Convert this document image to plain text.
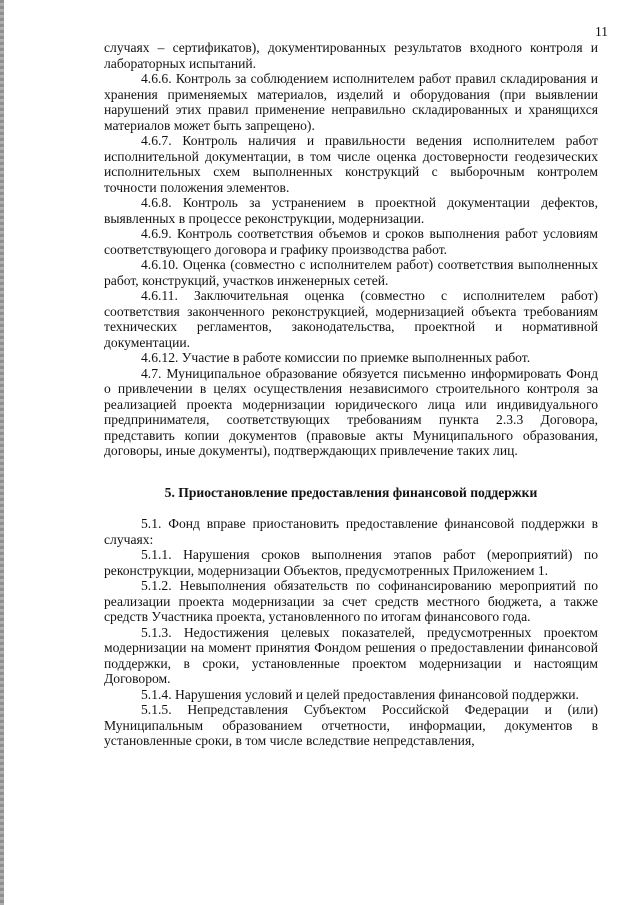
11

случаях – сертификатов), документированных результатов входного контроля и лабораторных испытаний.

4.6.6. Контроль за соблюдением исполнителем работ правил складирования и хранения применяемых материалов, изделий и оборудования (при выявлении нарушений этих правил применение неправильно складированных и хранящихся материалов может быть запрещено).

4.6.7. Контроль наличия и правильности ведения исполнителем работ исполнительной документации, в том числе оценка достоверности геодезических исполнительных схем выполненных конструкций с выборочным контролем точности положения элементов.

4.6.8. Контроль за устранением в проектной документации дефектов, выявленных в процессе реконструкции, модернизации.

4.6.9. Контроль соответствия объемов и сроков выполнения работ условиям соответствующего договора и графику производства работ.

4.6.10. Оценка (совместно с исполнителем работ) соответствия выполненных работ, конструкций, участков инженерных сетей.

4.6.11. Заключительная оценка (совместно с исполнителем работ) соответствия законченного реконструкцией, модернизацией объекта требованиям технических регламентов, законодательства, проектной и нормативной документации.

4.6.12. Участие в работе комиссии по приемке выполненных работ.

4.7. Муниципальное образование обязуется письменно информировать Фонд о привлечении в целях осуществления независимого строительного контроля за реализацией проекта модернизации юридического лица или индивидуального предпринимателя, соответствующих требованиям пункта 2.3.3 Договора, представить копии документов (правовые акты Муниципального образования, договоры, иные документы), подтверждающих привлечение таких лиц.

5. Приостановление предоставления финансовой поддержки

5.1. Фонд вправе приостановить предоставление финансовой поддержки в случаях:

5.1.1. Нарушения сроков выполнения этапов работ (мероприятий) по реконструкции, модернизации Объектов, предусмотренных Приложением 1.

5.1.2. Невыполнения обязательств по софинансированию мероприятий по реализации проекта модернизации за счет средств местного бюджета, а также средств Участника проекта, установленного по итогам финансового года.

5.1.3. Недостижения целевых показателей, предусмотренных проектом модернизации на момент принятия Фондом решения о предоставлении финансовой поддержки, в сроки, установленные проектом модернизации и настоящим Договором.

5.1.4. Нарушения условий и целей предоставления финансовой поддержки.

5.1.5. Непредставления Субъектом Российской Федерации и (или) Муниципальным образованием отчетности, информации, документов в установленные сроки, в том числе вследствие непредставления,
